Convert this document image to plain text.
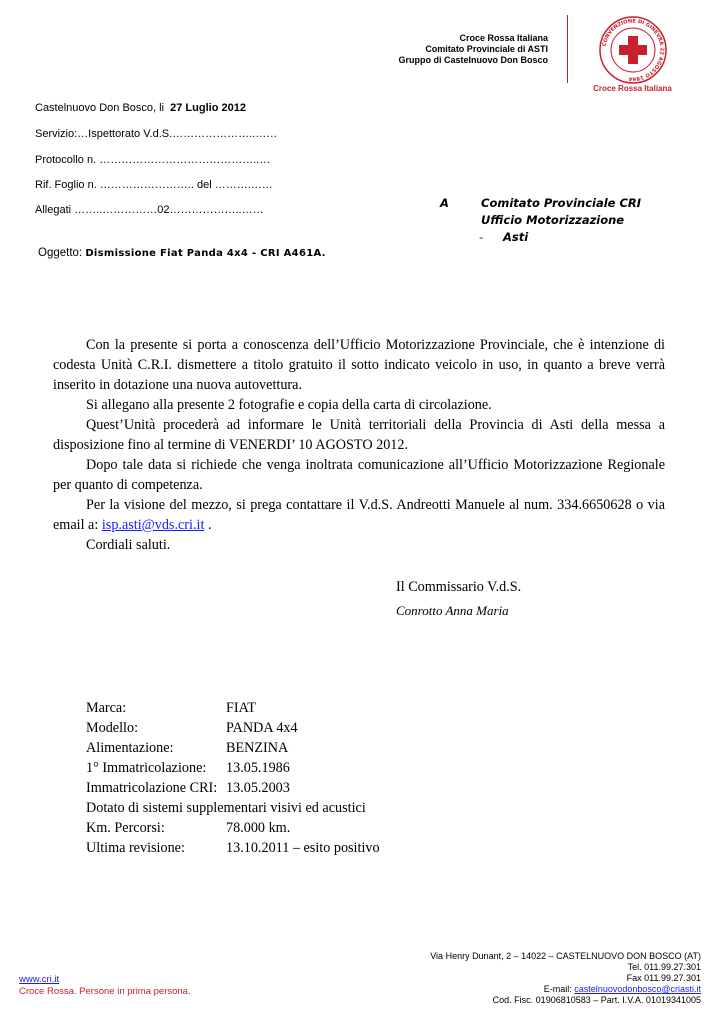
Croce Rossa Italiana
Comitato Provinciale di ASTI
Gruppo di Castelnuovo Don Bosco
CONVENZIONE DI GINEVRA 22 AGOSTO 1864
Croce Rossa Italiana
Castelnuovo Don Bosco, li 27 Luglio 2012
Servizio:…Ispettorato V.d.S.…………………..……
Protocollo n. ……………………………………..…
Rif. Foglio n. …………………….. del ……….……
Allegati ……..……………02………………..……	A	Comitato Provinciale CRI
Ufficio Motorizzazione
Asti
-
Oggetto: Dismissione Fiat Panda 4x4 - CRI A461A.

Con la presente si porta a conoscenza dell’Ufficio Motorizzazione Provinciale, che è intenzione di codesta Unità C.R.I. dismettere a titolo gratuito il sotto indicato veicolo in uso, in quanto a breve verrà inserito in dotazione una nuova autovettura.

Si allegano alla presente 2 fotografie e copia della carta di circolazione.

Quest’Unità procederà ad informare le Unità territoriali della Provincia di Asti della messa a disposizione fino al termine di VENERDI’ 10 AGOSTO 2012.

Dopo tale data si richiede che venga inoltrata comunicazione all’Ufficio Motorizzazione Regionale per quanto di competenza.

Per la visione del mezzo, si prega contattare il V.d.S. Andreotti Manuele al num. 334.6650628 o via email a: isp.asti@vds.cri.it .

Cordiali saluti.

Il Commissario V.d.S.
Conrotto Anna Maria
Marca:	FIAT
Modello:	PANDA 4x4
Alimentazione:	BENZINA
1° Immatricolazione:	13.05.1986
Immatricolazione CRI: 13.05.2003
Dotato di sistemi supplementari visivi ed acustici
Km. Percorsi:	78.000 km.
Ultima revisione:	13.10.2011 – esito positivo
www.cri.it
Croce Rossa. Persone in prima persona.
Via Henry Dunant, 2 – 14022 – CASTELNUOVO DON BOSCO (AT)
Tel. 011.99.27.301
Fax 011.99.27.301
E-mail: castelnuovodonbosco@criasti.it
Cod. Fisc. 01906810583 – Part. I.V.A. 01019341005
